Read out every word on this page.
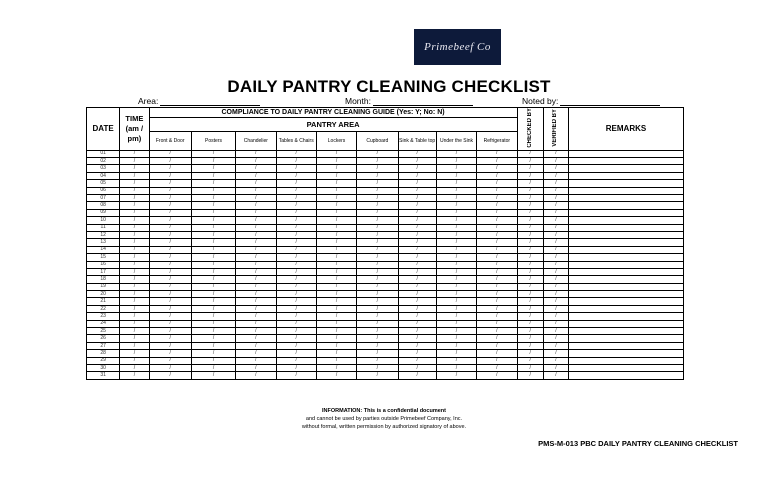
Primebeef Co
DAILY PANTRY CLEANING CHECKLIST
Area:	Month:	Noted by:
DATE	TIME (am / pm)	COMPLIANCE TO DAILY PANTRY CLEANING GUIDE (Yes: Y; No: N)									CHECKED BY	VERIFIED BY	REMARKS
		PANTRY AREA											
		Front & Door	Posters	Chandelier	Tables & Chairs	Lockers	Cupboard	Sink & Table top	Under the Sink	Refrigerator			
01	/	/	/	/	/	/	/	/	/	/	/	/	
02	/	/	/	/	/	/	/	/	/	/	/	/	
03	/	/	/	/	/	/	/	/	/	/	/	/	
04	/	/	/	/	/	/	/	/	/	/	/	/	
05	/	/	/	/	/	/	/	/	/	/	/	/	
06	/	/	/	/	/	/	/	/	/	/	/	/	
07	/	/	/	/	/	/	/	/	/	/	/	/	
08	/	/	/	/	/	/	/	/	/	/	/	/	
09	/	/	/	/	/	/	/	/	/	/	/	/	
10	/	/	/	/	/	/	/	/	/	/	/	/	
11	/	/	/	/	/	/	/	/	/	/	/	/	
12	/	/	/	/	/	/	/	/	/	/	/	/	
13	/	/	/	/	/	/	/	/	/	/	/	/	
14	/	/	/	/	/	/	/	/	/	/	/	/	
15	/	/	/	/	/	/	/	/	/	/	/	/	
16	/	/	/	/	/	/	/	/	/	/	/	/	
17	/	/	/	/	/	/	/	/	/	/	/	/	
18	/	/	/	/	/	/	/	/	/	/	/	/	
19	/	/	/	/	/	/	/	/	/	/	/	/	
20	/	/	/	/	/	/	/	/	/	/	/	/	
21	/	/	/	/	/	/	/	/	/	/	/	/	
22	/	/	/	/	/	/	/	/	/	/	/	/	
23	/	/	/	/	/	/	/	/	/	/	/	/	
24	/	/	/	/	/	/	/	/	/	/	/	/	
25	/	/	/	/	/	/	/	/	/	/	/	/	
26	/	/	/	/	/	/	/	/	/	/	/	/	
27	/	/	/	/	/	/	/	/	/	/	/	/	
28	/	/	/	/	/	/	/	/	/	/	/	/	
29	/	/	/	/	/	/	/	/	/	/	/	/	
30	/	/	/	/	/	/	/	/	/	/	/	/	
31	/	/	/	/	/	/	/	/	/	/	/	/	
INFORMATION: This is a confidential document
and cannot be used by parties outside Primebeef Company, Inc.
without formal, written permission by authorized signatory of above.
PMS-M-013 PBC DAILY PANTRY CLEANING CHECKLIST
